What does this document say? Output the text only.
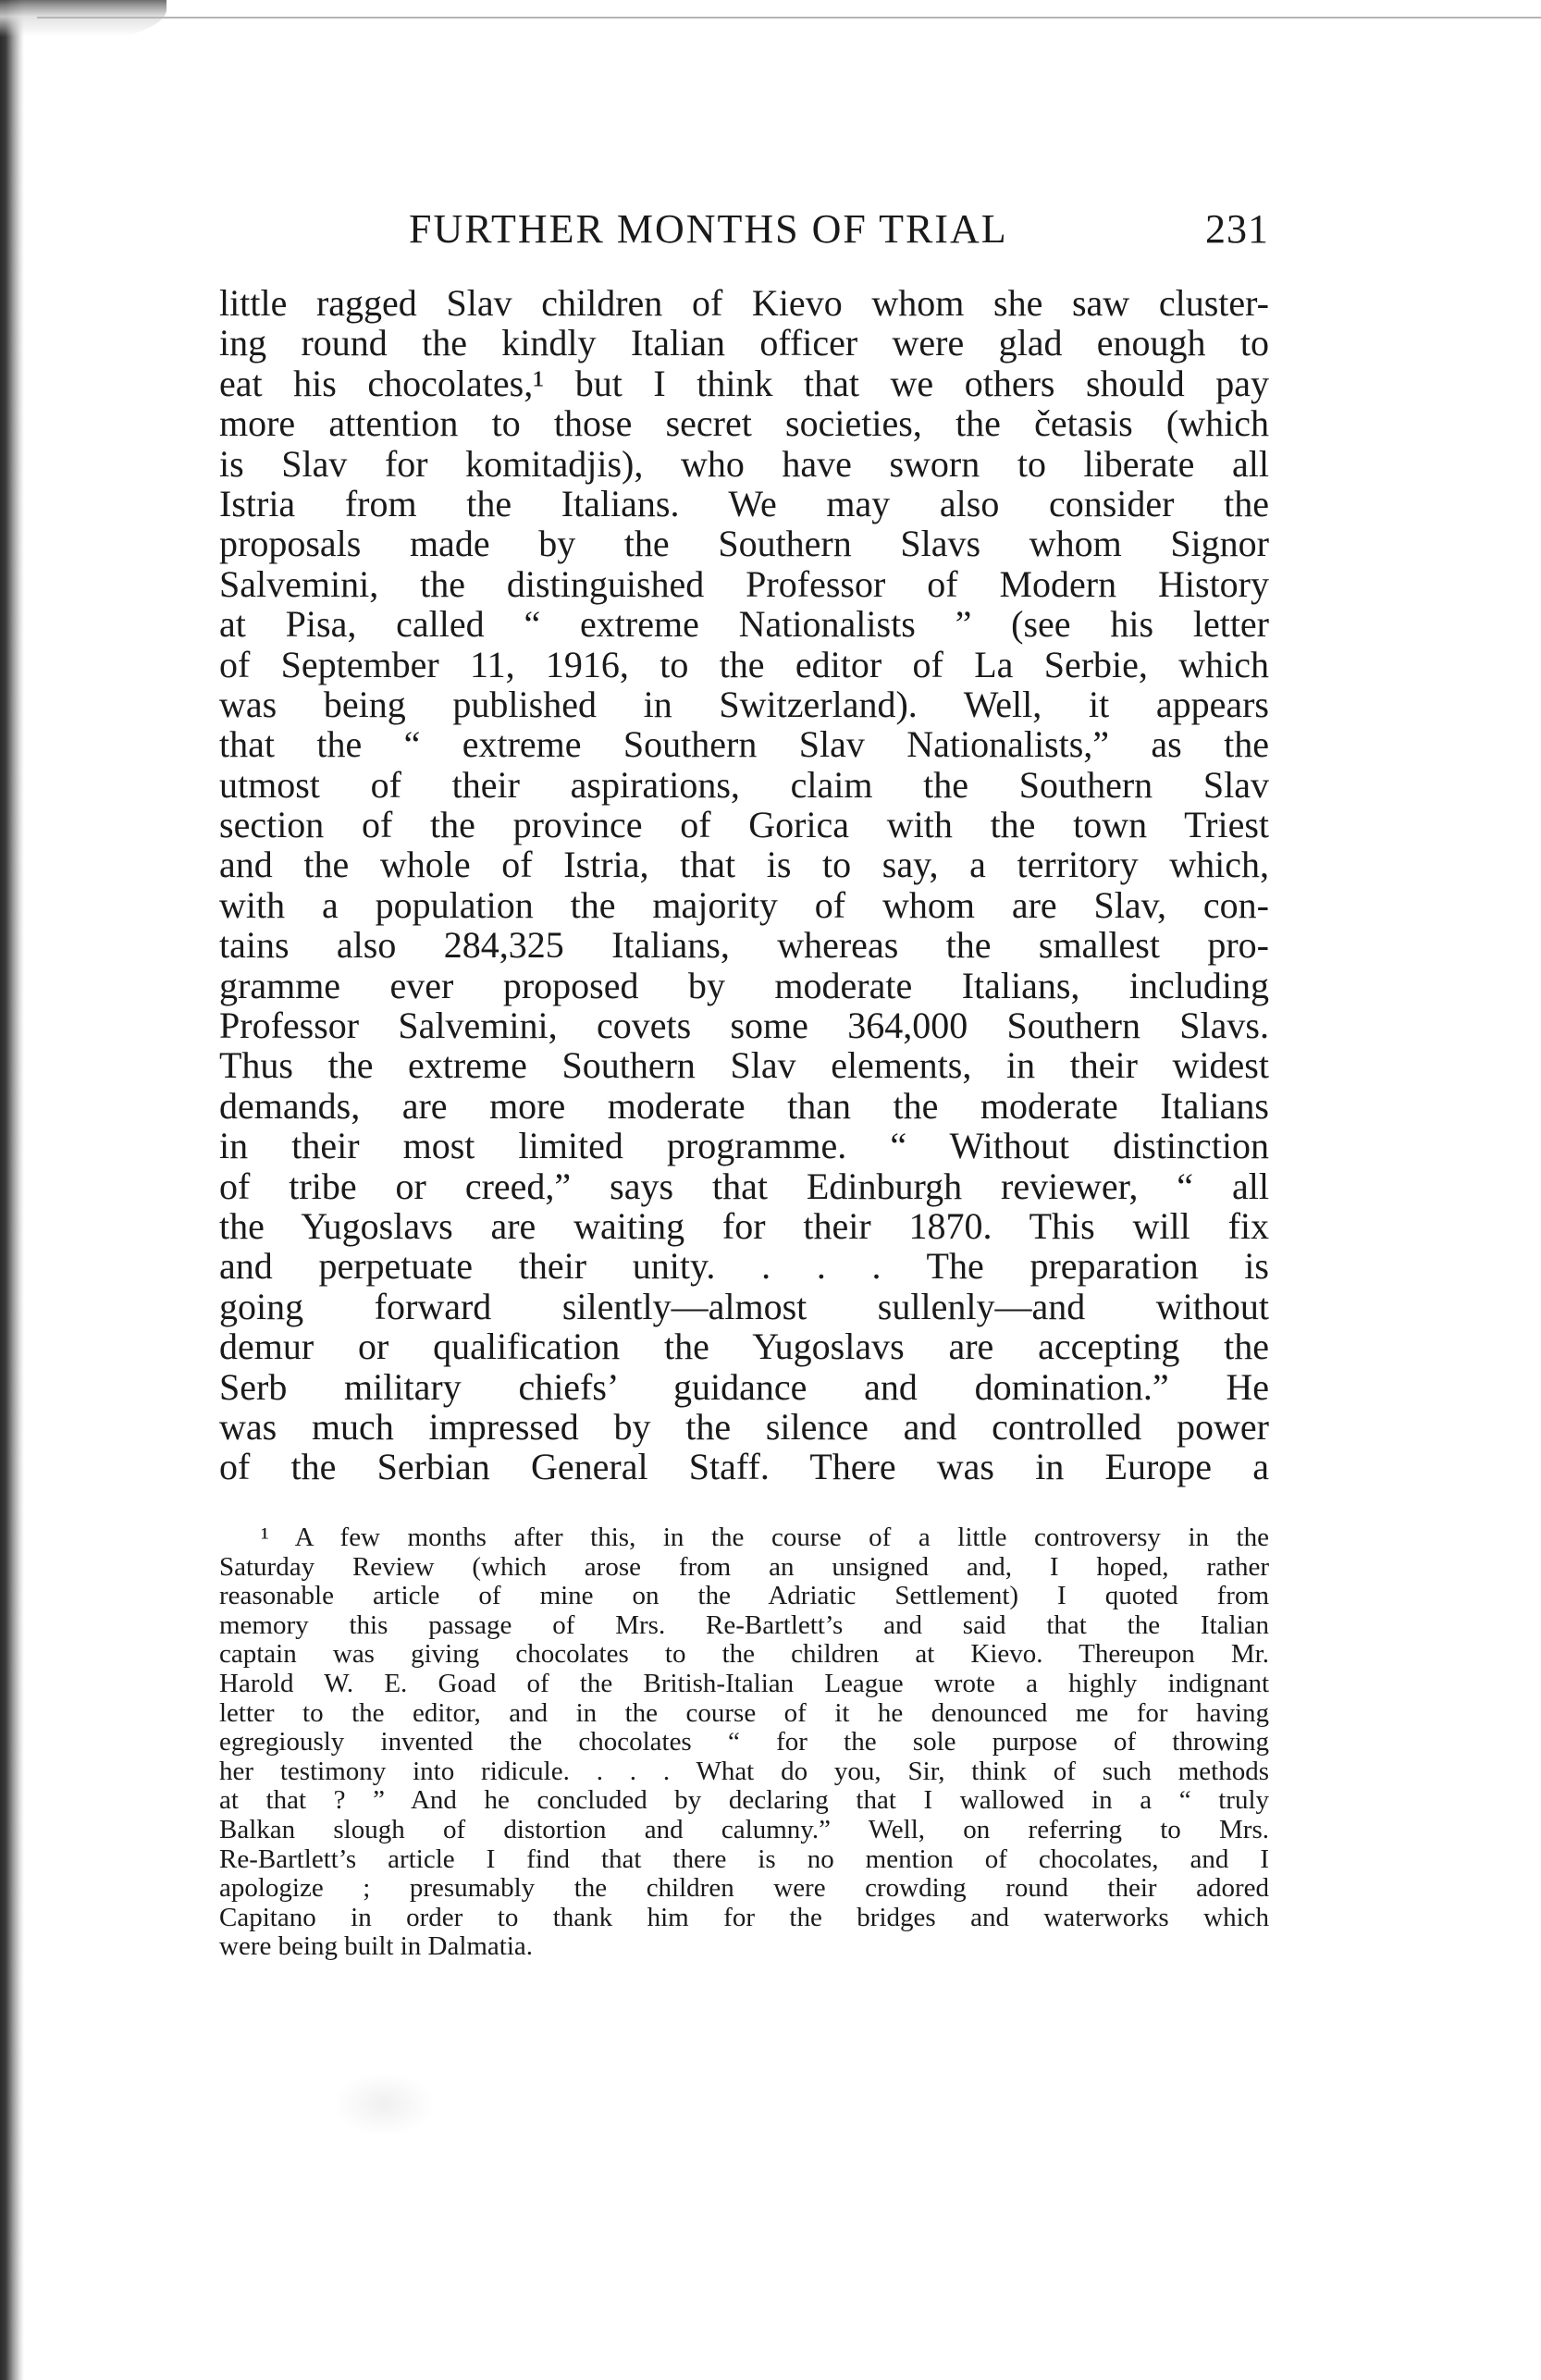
FURTHER MONTHS OF TRIAL	231
little ragged Slav children of Kievo whom she saw cluster-
ing round the kindly Italian officer were glad enough to
eat his chocolates,¹ but I think that we others should pay
more attention to those secret societies, the četasis (which
is Slav for komitadjis), who have sworn to liberate all
Istria from the Italians. We may also consider the
proposals made by the Southern Slavs whom Signor
Salvemini, the distinguished Professor of Modern History
at Pisa, called “ extreme Nationalists ” (see his letter
of September 11, 1916, to the editor of La Serbie, which
was being published in Switzerland). Well, it appears
that the “ extreme Southern Slav Nationalists,” as the
utmost of their aspirations, claim the Southern Slav
section of the province of Gorica with the town Triest
and the whole of Istria, that is to say, a territory which,
with a population the majority of whom are Slav, con-
tains also 284,325 Italians, whereas the smallest pro-
gramme ever proposed by moderate Italians, including
Professor Salvemini, covets some 364,000 Southern Slavs.
Thus the extreme Southern Slav elements, in their widest
demands, are more moderate than the moderate Italians
in their most limited programme. “ Without distinction
of tribe or creed,” says that Edinburgh reviewer, “ all
the Yugoslavs are waiting for their 1870. This will fix
and perpetuate their unity. . . . The preparation is
going forward silently—almost sullenly—and without
demur or qualification the Yugoslavs are accepting the
Serb military chiefs’ guidance and domination.” He
was much impressed by the silence and controlled power
of the Serbian General Staff. There was in Europe a
¹ A few months after this, in the course of a little controversy in the
Saturday Review (which arose from an unsigned and, I hoped, rather
reasonable article of mine on the Adriatic Settlement) I quoted from
memory this passage of Mrs. Re-Bartlett’s and said that the Italian
captain was giving chocolates to the children at Kievo. Thereupon Mr.
Harold W. E. Goad of the British-Italian League wrote a highly indignant
letter to the editor, and in the course of it he denounced me for having
egregiously invented the chocolates “ for the sole purpose of throwing
her testimony into ridicule. . . . What do you, Sir, think of such methods
at that ? ” And he concluded by declaring that I wallowed in a “ truly
Balkan slough of distortion and calumny.” Well, on referring to Mrs.
Re-Bartlett’s article I find that there is no mention of chocolates, and I
apologize ; presumably the children were crowding round their adored
Capitano in order to thank him for the bridges and waterworks which
were being built in Dalmatia.
